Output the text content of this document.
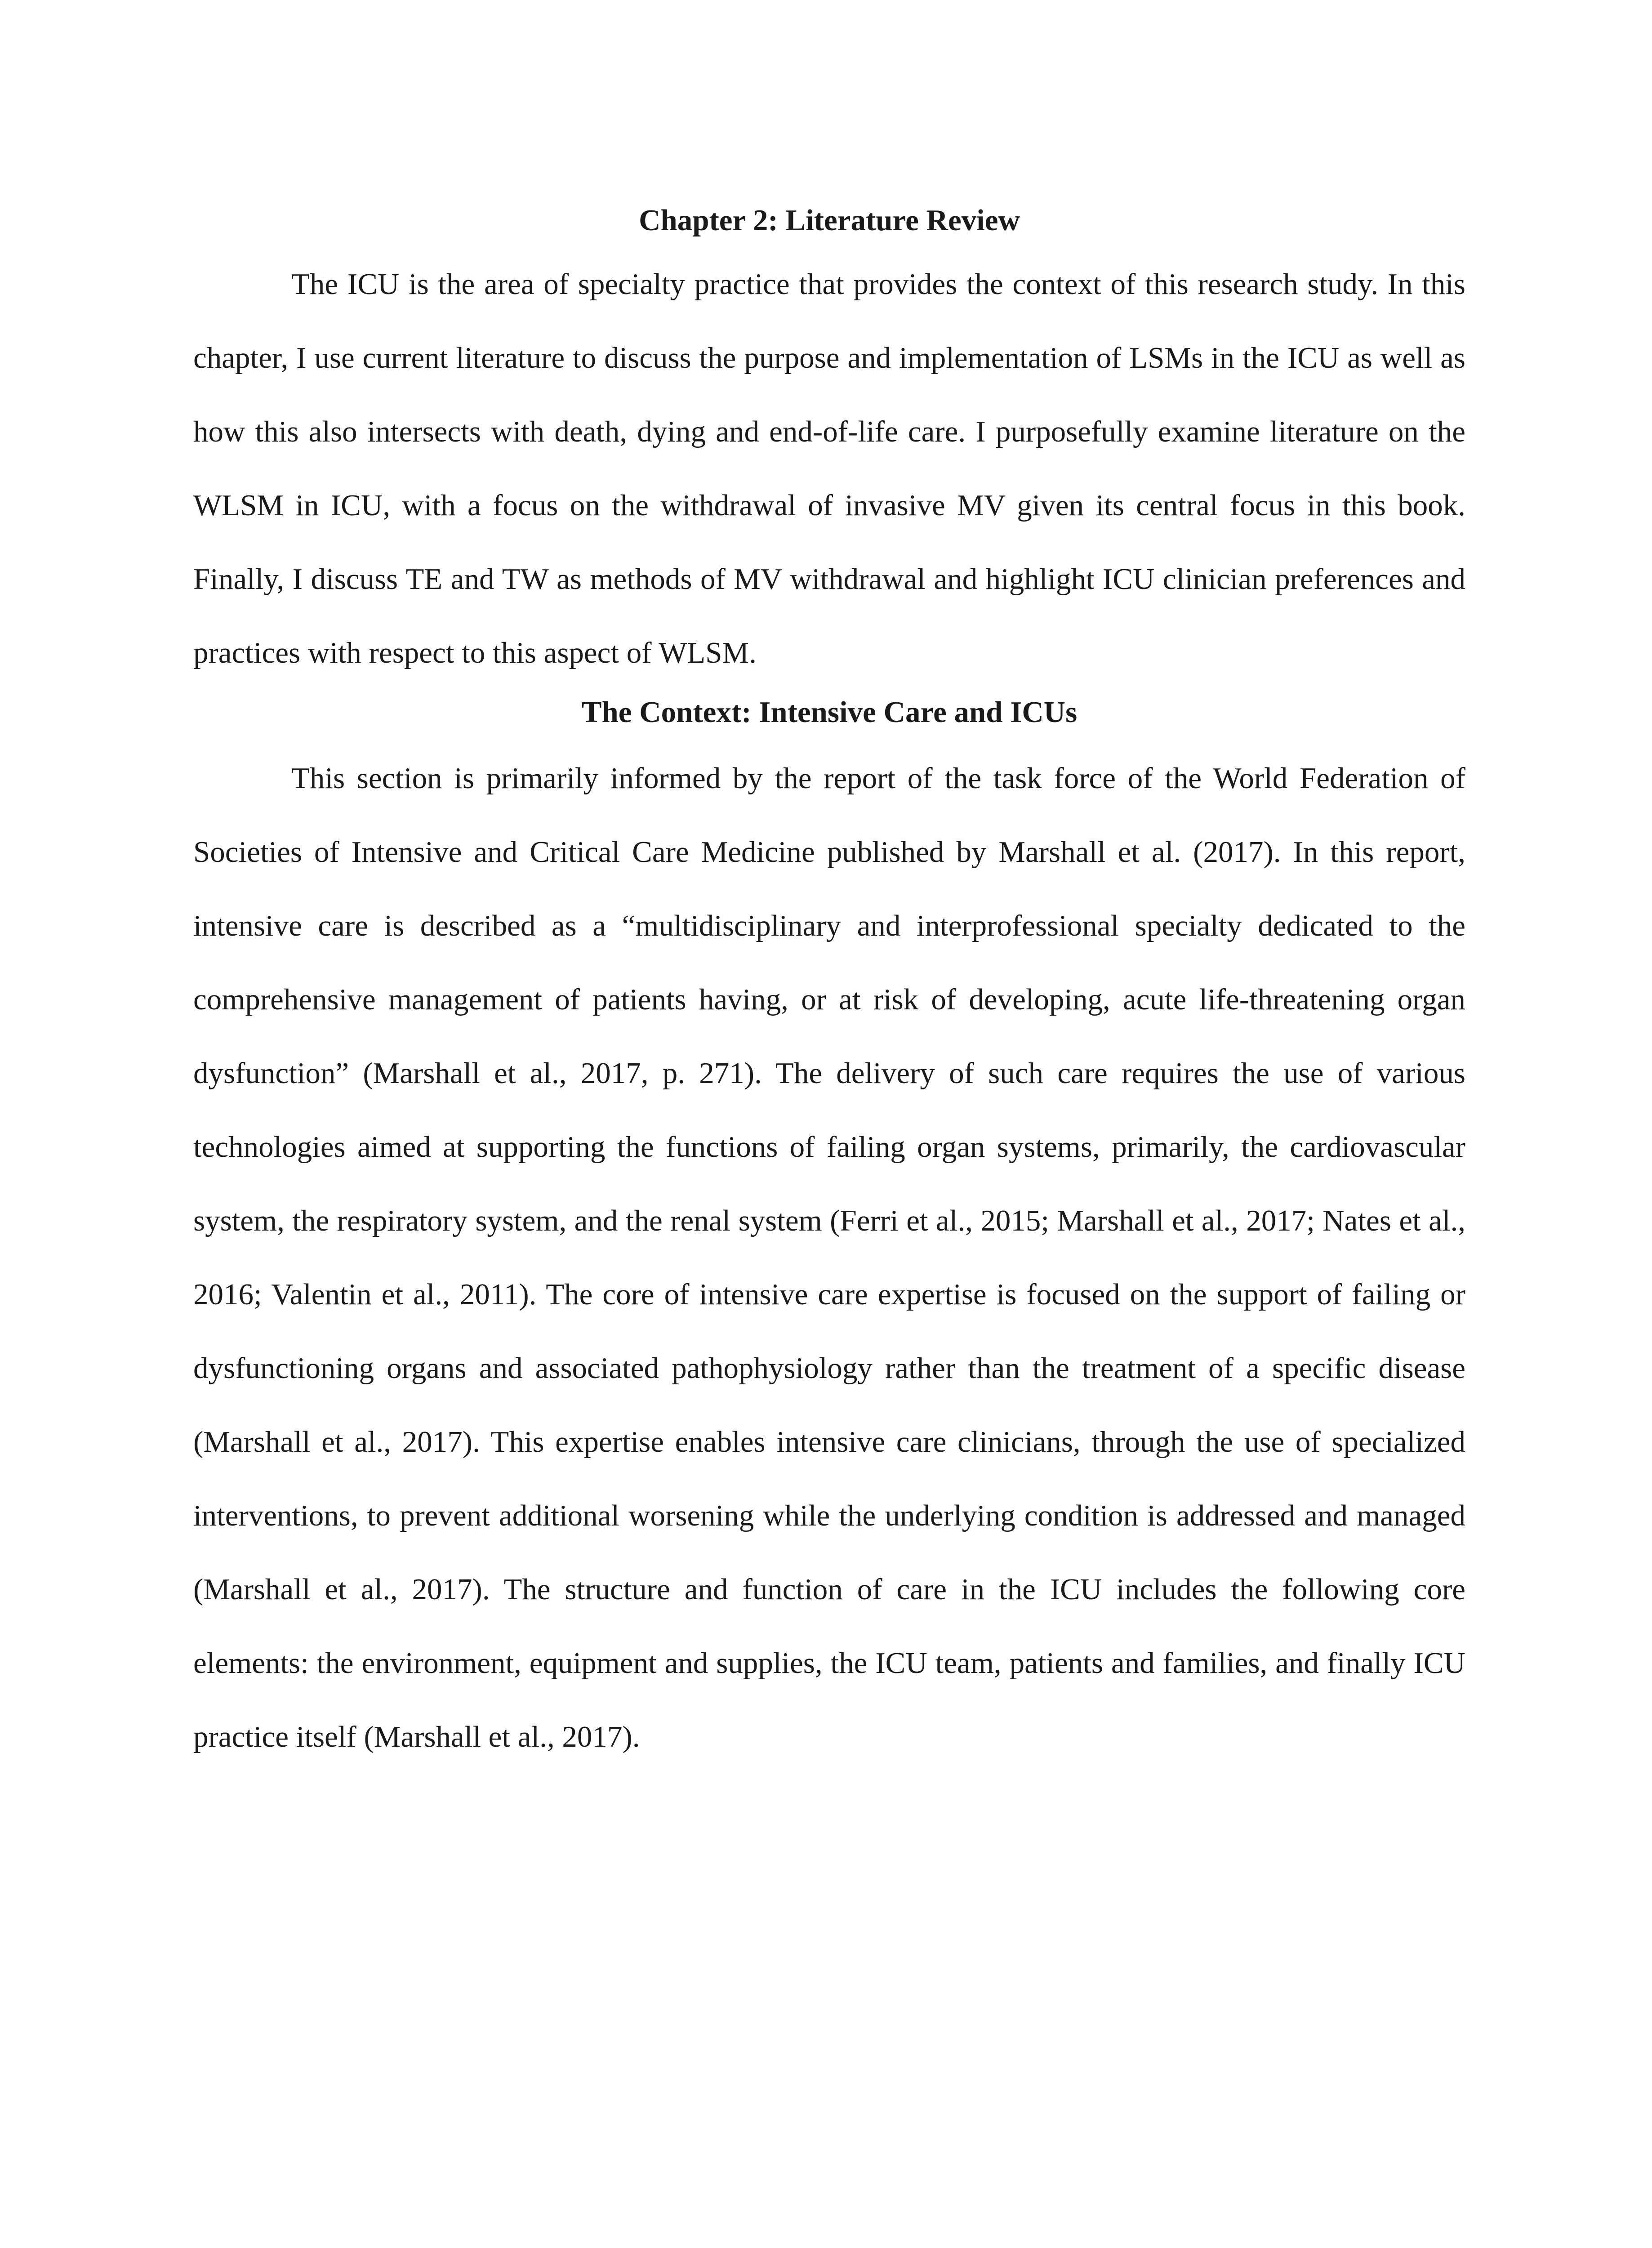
Chapter 2: Literature Review

The ICU is the area of specialty practice that provides the context of this research study. In this chapter, I use current literature to discuss the purpose and implementation of LSMs in the ICU as well as how this also intersects with death, dying and end-of-life care. I purposefully examine literature on the WLSM in ICU, with a focus on the withdrawal of invasive MV given its central focus in this book. Finally, I discuss TE and TW as methods of MV withdrawal and highlight ICU clinician preferences and practices with respect to this aspect of WLSM.

The Context: Intensive Care and ICUs

This section is primarily informed by the report of the task force of the World Federation of Societies of Intensive and Critical Care Medicine published by Marshall et al. (2017). In this report, intensive care is described as a “multidisciplinary and interprofessional specialty dedicated to the comprehensive management of patients having, or at risk of developing, acute life-threatening organ dysfunction” (Marshall et al., 2017, p. 271). The delivery of such care requires the use of various technologies aimed at supporting the functions of failing organ systems, primarily, the cardiovascular system, the respiratory system, and the renal system (Ferri et al., 2015; Marshall et al., 2017; Nates et al., 2016; Valentin et al., 2011). The core of intensive care expertise is focused on the support of failing or dysfunctioning organs and associated pathophysiology rather than the treatment of a specific disease (Marshall et al., 2017). This expertise enables intensive care clinicians, through the use of specialized interventions, to prevent additional worsening while the underlying condition is addressed and managed (Marshall et al., 2017). The structure and function of care in the ICU includes the following core elements: the environment, equipment and supplies, the ICU team, patients and families, and finally ICU practice itself (Marshall et al., 2017).
